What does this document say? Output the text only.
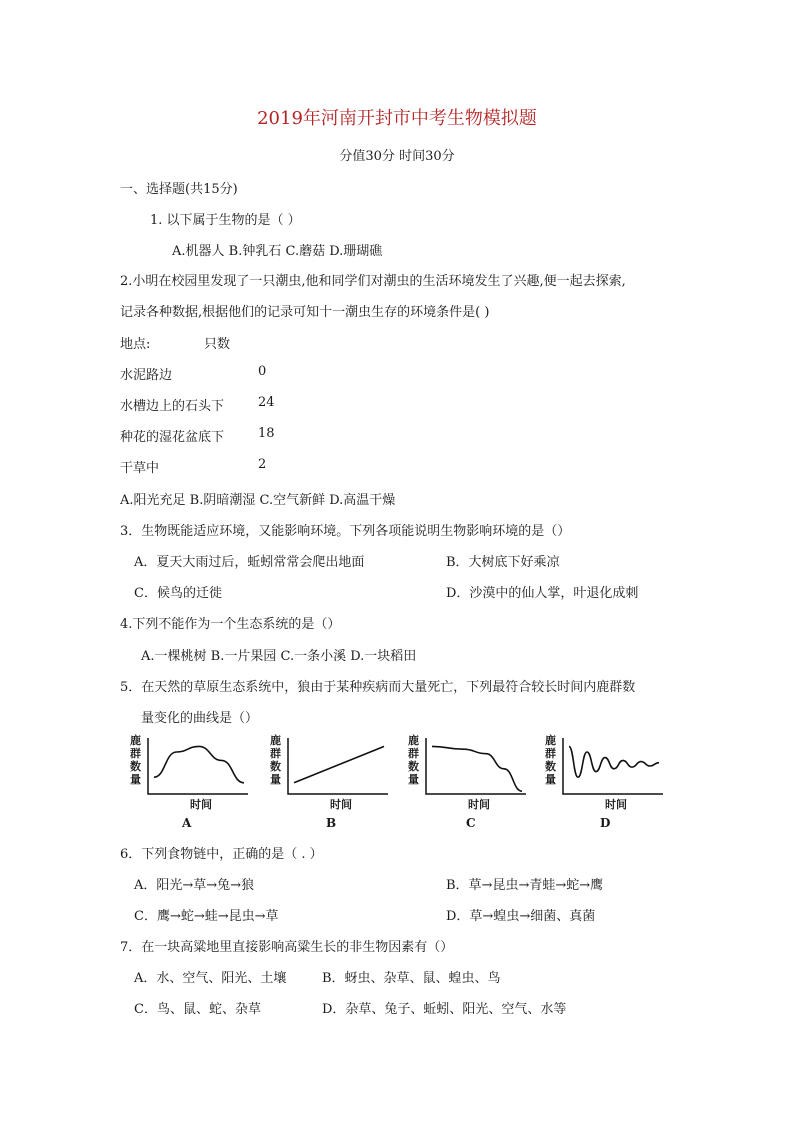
2019年河南开封市中考生物模拟题
分值30分 时间30分
一、选择题(共15分)
1. 以下属于生物的是（ ）
A.机器人 B.钟乳石 C.蘑菇 D.珊瑚礁
2.小明在校园里发现了一只潮虫,他和同学们对潮虫的生活环境发生了兴趣,便一起去探索,
记录各种数据,根据他们的记录可知十一潮虫生存的环境条件是( )
地点:	只数
水泥路边	0
水槽边上的石头下	24
种花的湿花盆底下	18
干草中	2
A.阳光充足 B.阴暗潮湿 C.空气新鲜 D.高温干燥
3．生物既能适应环境，又能影响环境。下列各项能说明生物影响环境的是（）
A．夏天大雨过后，蚯蚓常常会爬出地面	B．大树底下好乘凉
C．候鸟的迁徙	D．沙漠中的仙人掌，叶退化成刺
4.下列不能作为一个生态系统的是（）
A.一棵桃树 B.一片果园 C.一条小溪 D.一块稻田
5．在天然的草原生态系统中，狼由于某种疾病而大量死亡，下列最符合较长时间内鹿群数
量变化的曲线是（）
鹿群数量
时间
A
鹿群数量
时间
B
鹿群数量
时间
C
鹿群数量
时间
D
6．下列食物链中，正确的是（ . ）
A．阳光→草→兔→狼	B．草→昆虫→青蛙→蛇→鹰
C．鹰→蛇→蛙→昆虫→草	D．草→蝗虫→细菌、真菌
7．在一块高粱地里直接影响高粱生长的非生物因素有（）
A．水、空气、阳光、土壤	B．蚜虫、杂草、鼠、蝗虫、鸟
C．鸟、鼠、蛇、杂草	D．杂草、兔子、蚯蚓、阳光、空气、水等
